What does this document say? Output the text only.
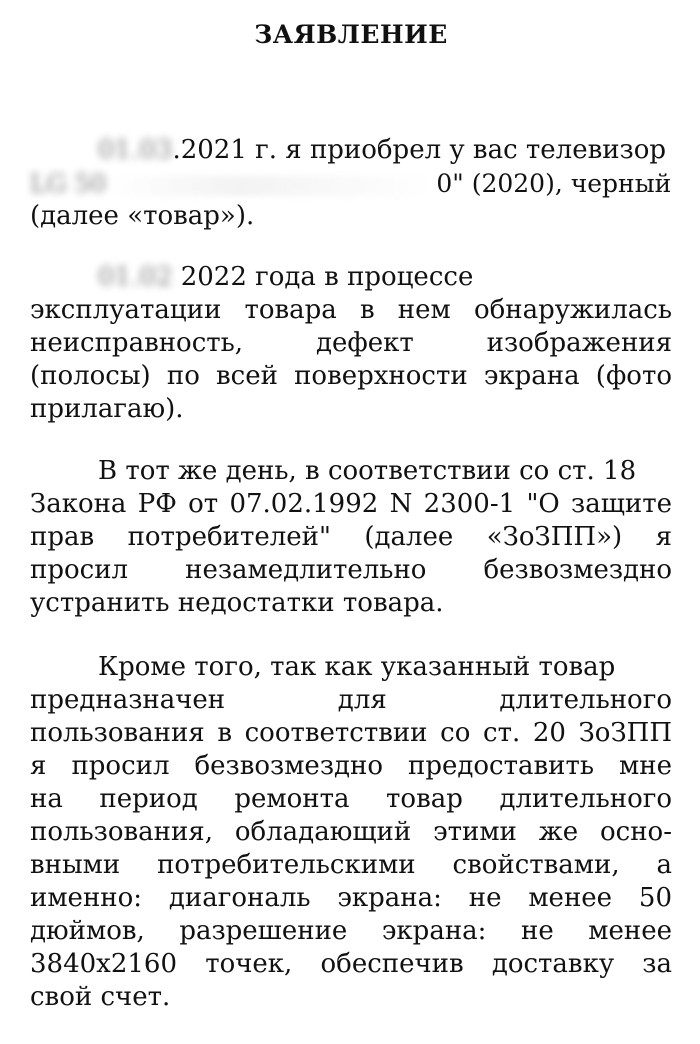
ЗАЯВЛЕНИЕ
01.03.2021 г. я приобрел у вас телевизор
LG 50	0" (2020), черный
(далее «товар»).
01.02 2022 года в процессе
эксплуатации товара в нем обнаружилась
неисправность, дефект изображения
(полосы) по всей поверхности экрана (фото
прилагаю).
В тот же день, в соответствии со ст. 18
Закона РФ от 07.02.1992 N 2300-1 "О защите
прав потребителей" (далее «ЗоЗПП») я
просил незамедлительно безвозмездно
устранить недостатки товара.
Кроме того, так как указанный товар
предназначен для длительного
пользования в соответствии со ст. 20 ЗоЗПП
я просил безвозмездно предоставить мне
на период ремонта товар длительного
пользования, обладающий этими же осно-
вными потребительскими свойствами, а
именно: диагональ экрана: не менее 50
дюймов, разрешение экрана: не менее
3840x2160 точек, обеспечив доставку за
свой счет.
